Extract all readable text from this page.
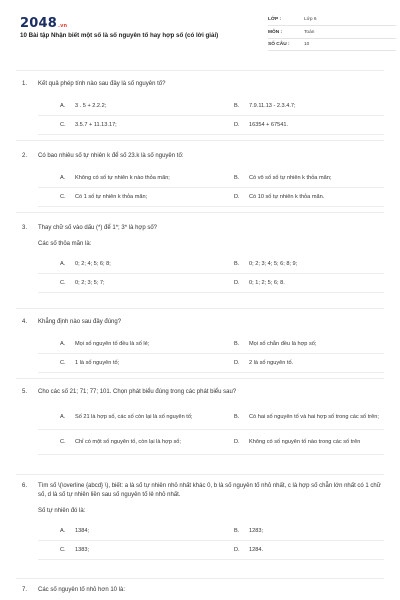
2048.vn
10 Bài tập Nhận biết một số là số nguyên tố hay hợp số (có lời giải)
LỚP :	Lớp 6
MÔN :	Toán
SỐ CÂU :	10
1. Kết quả phép tính nào sau đây là số nguyên tố?
A.	3 . 5 + 2.2.2;	B.	7.9.11.13 - 2.3.4.7;
C.	3.5.7 + 11.13.17;	D.	16354 + 67541.
2. Có bao nhiêu số tự nhiên k để số 23.k là số nguyên tố:
A.	Không có số tự nhiên k nào thỏa mãn;	B.	Có vô số số tự nhiên k thỏa mãn;
C.	Có 1 số tự nhiên k thỏa mãn;	D.	Có 10 số tự nhiên k thỏa mãn.
3. Thay chữ số vào dấu (*) để 1*; 3* là hợp số?
Các số thỏa mãn là:
A.	0; 2; 4; 5; 6; 8;	B.	0; 2; 3; 4; 5; 6; 8; 9;
C.	0; 2; 3; 5; 7;	D.	0; 1; 2; 5; 6; 8.
4. Khẳng định nào sau đây đúng?
A.	Mọi số nguyên tố đều là số lẻ;	B.	Mọi số chẵn đều là hợp số;
C.	1 là số nguyên tố;	D.	2 là số nguyên tố.
5. Cho các số 21; 71; 77; 101. Chọn phát biểu đúng trong các phát biểu sau?
A.	Số 21 là hợp số, các số còn lại là số nguyên tố;	B.	Có hai số nguyên tố và hai hợp số trong các số trên;
C.	Chỉ có một số nguyên tố, còn lại là hợp số;	D.	Không có số nguyên tố nào trong các số trên
6. Tìm số \(\overline {abcd} \), biết: a là số tự nhiên nhỏ nhất khác 0, b là số nguyên tố nhỏ nhất, c là hợp số chẵn lớn nhất có 1 chữ số, d là số tự nhiên liền sau số nguyên tố lẻ nhỏ nhất.
Số tự nhiên đó là:
A.	1384;	B.	1283;
C.	1383;	D.	1284.
7. Các số nguyên tố nhỏ hơn 10 là:
